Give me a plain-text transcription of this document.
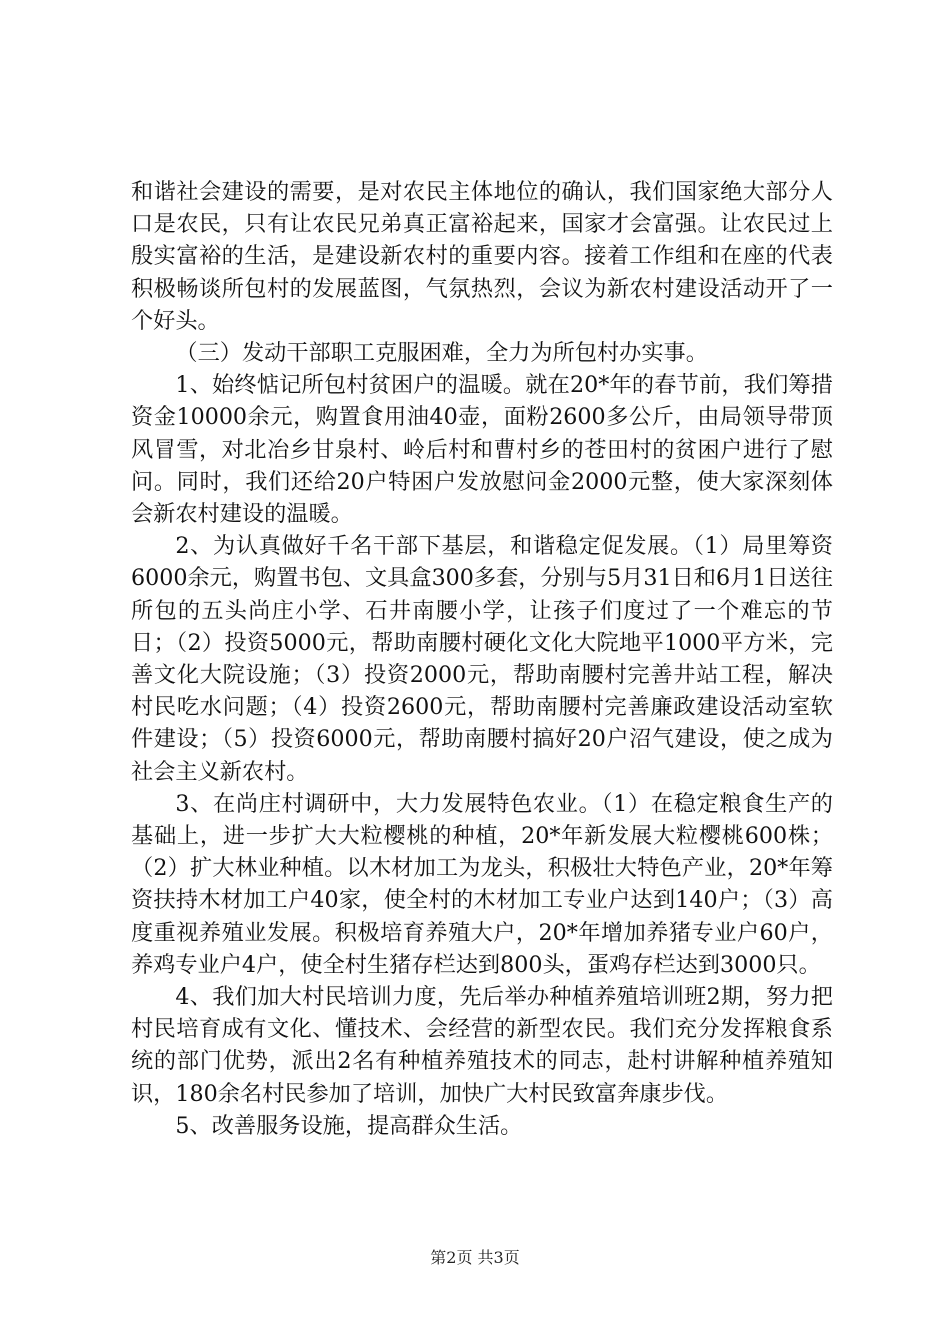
和谐社会建设的需要，是对农民主体地位的确认，我们国家绝大部分人口是农民，只有让农民兄弟真正富裕起来，国家才会富强。让农民过上殷实富裕的生活，是建设新农村的重要内容。接着工作组和在座的代表积极畅谈所包村的发展蓝图，气氛热烈，会议为新农村建设活动开了一个好头。

（三）发动干部职工克服困难，全力为所包村办实事。

1、始终惦记所包村贫困户的温暖。就在20*年的春节前，我们筹措资金10000余元，购置食用油40壶，面粉2600多公斤，由局领导带顶风冒雪，对北冶乡甘泉村、岭后村和曹村乡的苍田村的贫困户进行了慰问。同时，我们还给20户特困户发放慰问金2000元整，使大家深刻体会新农村建设的温暖。

2、为认真做好千名干部下基层，和谐稳定促发展。（1）局里筹资6000余元，购置书包、文具盒300多套，分别与5月31日和6月1日送往所包的五头尚庄小学、石井南腰小学，让孩子们度过了一个难忘的节日；（2）投资5000元，帮助南腰村硬化文化大院地平1000平方米，完善文化大院设施；（3）投资2000元，帮助南腰村完善井站工程，解决村民吃水问题；（4）投资2600元，帮助南腰村完善廉政建设活动室软件建设；（5）投资6000元，帮助南腰村搞好20户沼气建设，使之成为社会主义新农村。

3、在尚庄村调研中，大力发展特色农业。（1）在稳定粮食生产的基础上，进一步扩大大粒樱桃的种植，20*年新发展大粒樱桃600株；（2）扩大林业种植。以木材加工为龙头，积极壮大特色产业，20*年筹资扶持木材加工户40家，使全村的木材加工专业户达到140户；（3）高度重视养殖业发展。积极培育养殖大户，20*年增加养猪专业户60户，养鸡专业户4户，使全村生猪存栏达到800头，蛋鸡存栏达到3000只。

4、我们加大村民培训力度，先后举办种植养殖培训班2期，努力把村民培育成有文化、懂技术、会经营的新型农民。我们充分发挥粮食系统的部门优势，派出2名有种植养殖技术的同志，赴村讲解种植养殖知识，180余名村民参加了培训，加快广大村民致富奔康步伐。

5、改善服务设施，提高群众生活。

第2页 共3页
